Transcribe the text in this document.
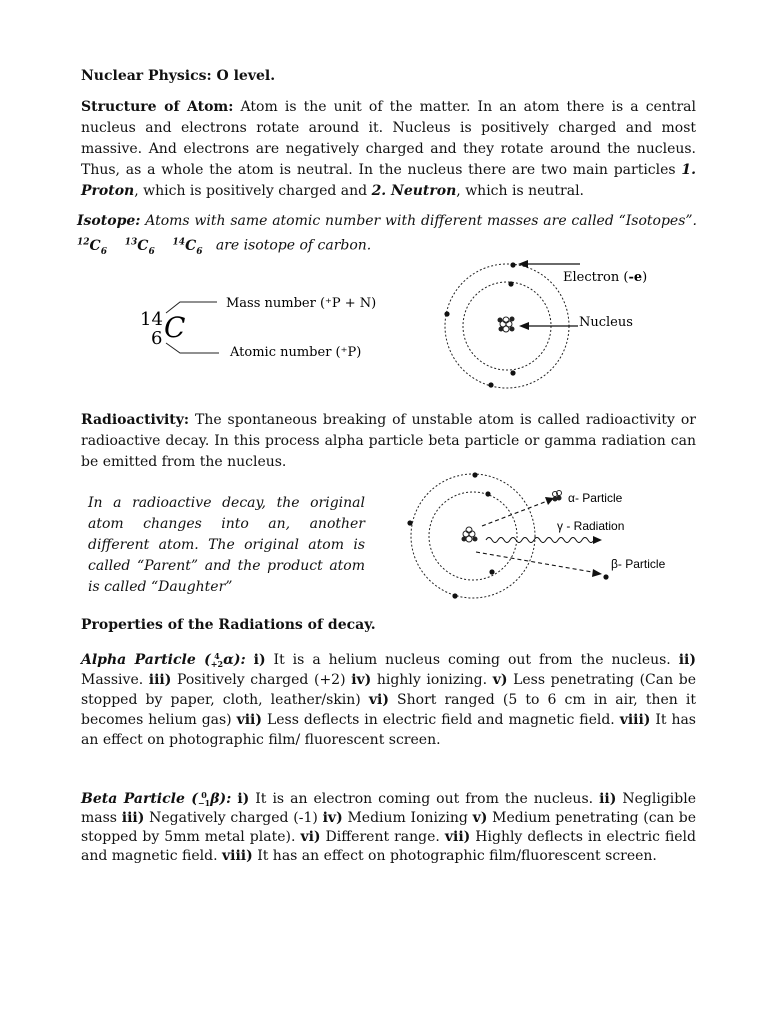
Nuclear Physics: O level.
Structure of Atom: Atom is the unit of the matter. In an atom there is a central nucleus and electrons rotate around it. Nucleus is positively charged and most massive. And electrons are negatively charged and they rotate around the nucleus. Thus, as a whole the atom is neutral. In the nucleus there are two main particles 1. Proton, which is positively charged and 2. Neutron, which is neutral.
Isotope: Atoms with same atomic number with different masses are called “Isotopes”. $^{12}C_6$    $^{13}C_6$    $^{14}C_6$ are isotope of carbon.
14
6 C
Mass number (⁺P + N)
Atomic number (⁺P)
Electron (-e)
Nucleus
Radioactivity: The spontaneous breaking of unstable atom is called radioactivity or radioactive decay. In this process alpha particle beta particle or gamma radiation can be emitted from the nucleus.
In a radioactive decay, the original atom changes into an, another different atom. The original atom is called “Parent” and the product atom is called “Daughter”
α- Particle
γ - Radiation
β- Particle
Properties of the Radiations of decay.
Alpha Particle ( 4
+2α): i) It is a helium nucleus coming out from the nucleus. ii) Massive. iii) Positively charged (+2) iv) highly ionizing. v) Less penetrating (Can be stopped by paper, cloth, leather/skin) vi) Short ranged (5 to 6 cm in air, then it becomes helium gas) vii) Less deflects in electric field and magnetic field. viii) It has an effect on photographic film/ fluorescent screen.
Beta Particle ( 0
−1β): i) It is an electron coming out from the nucleus. ii) Negligible mass iii) Negatively charged (-1) iv) Medium Ionizing v) Medium penetrating (can be stopped by 5mm metal plate). vi) Different range. vii) Highly deflects in electric field and magnetic field. viii) It has an effect on photographic film/fluorescent screen.
